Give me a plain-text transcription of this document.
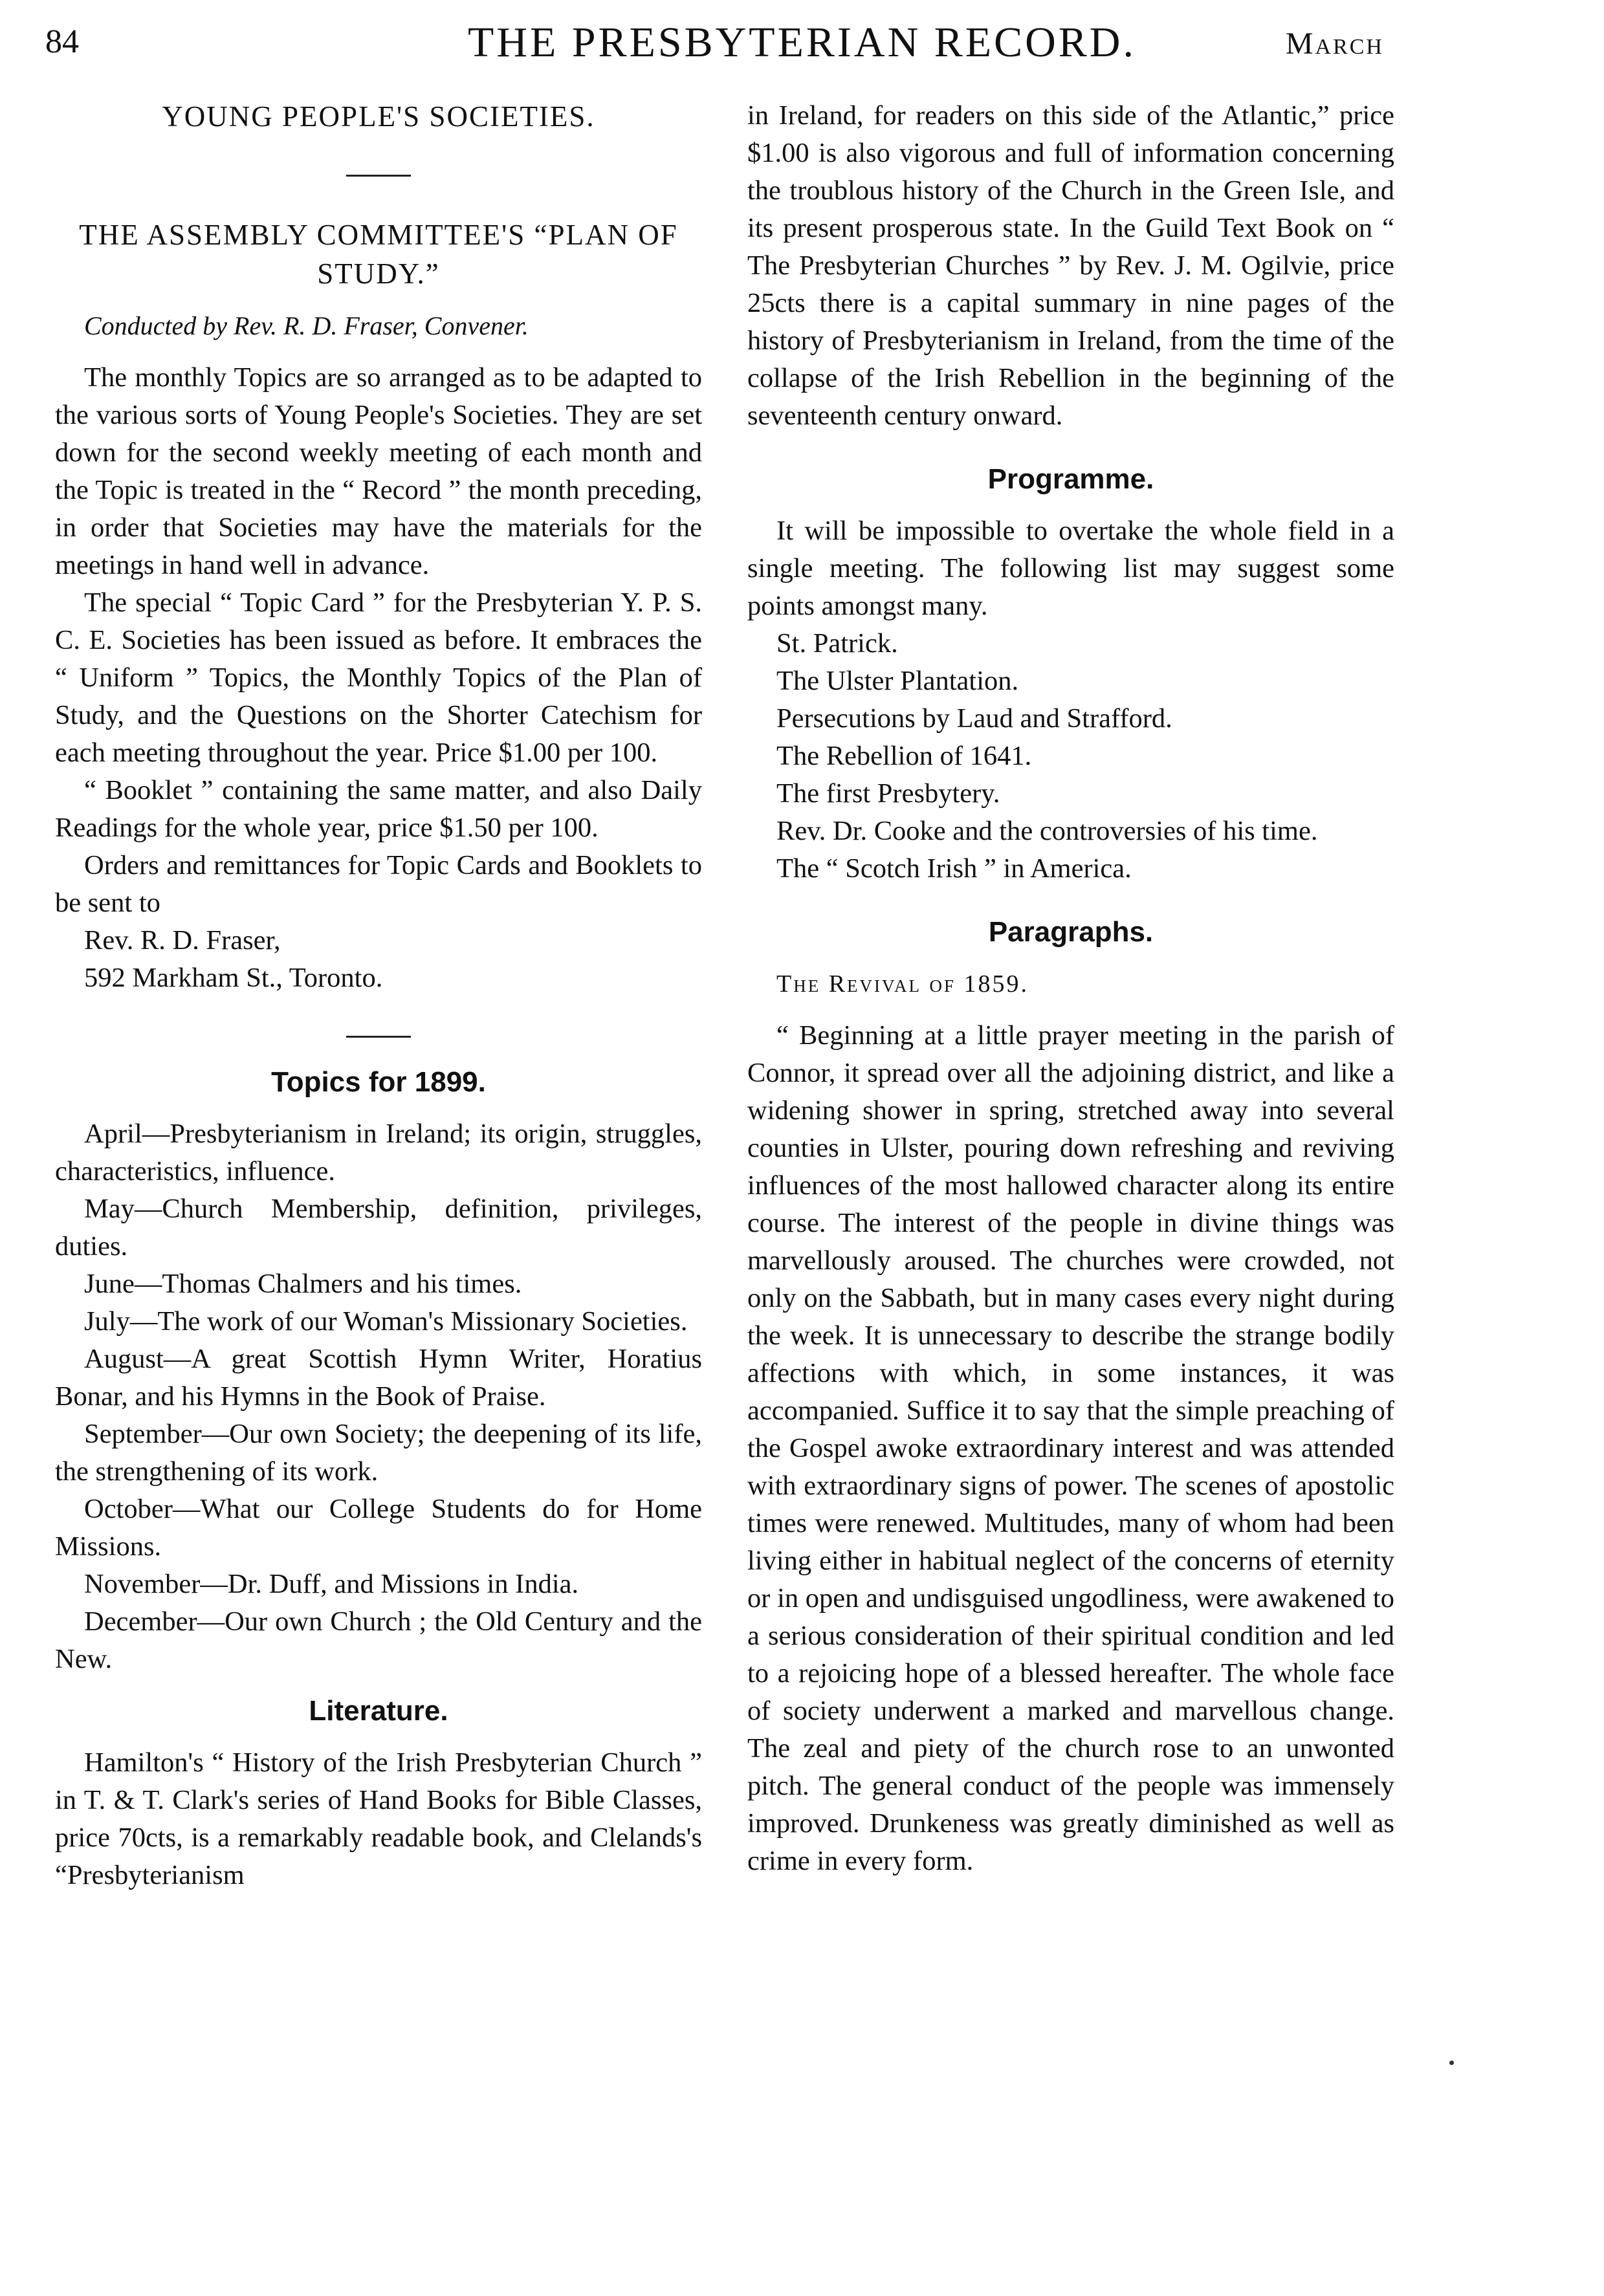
84	THE PRESBYTERIAN RECORD.	March
YOUNG PEOPLE'S SOCIETIES.
THE ASSEMBLY COMMITTEE'S “PLAN OF STUDY.”

Conducted by Rev. R. D. Fraser, Convener.

The monthly Topics are so arranged as to be adapted to the various sorts of Young People's Societies. They are set down for the second weekly meeting of each month and the Topic is treated in the “ Record ” the month preceding, in order that Societies may have the materials for the meetings in hand well in advance.

The special “ Topic Card ” for the Presbyterian Y. P. S. C. E. Societies has been issued as before. It embraces the “ Uniform ” Topics, the Monthly Topics of the Plan of Study, and the Questions on the Shorter Catechism for each meeting throughout the year. Price $1.00 per 100.

“ Booklet ” containing the same matter, and also Daily Readings for the whole year, price $1.50 per 100.

Orders and remittances for Topic Cards and Booklets to be sent to

Rev. R. D. Fraser,

592 Markham St., Toronto.

Topics for 1899.

April—Presbyterianism in Ireland; its origin, struggles, characteristics, influence.

May—Church Membership, definition, privileges, duties.

June—Thomas Chalmers and his times.

July—The work of our Woman's Missionary Societies.

August—A great Scottish Hymn Writer, Horatius Bonar, and his Hymns in the Book of Praise.

September—Our own Society; the deepening of its life, the strengthening of its work.

October—What our College Students do for Home Missions.

November—Dr. Duff, and Missions in India.

December—Our own Church ; the Old Century and the New.

Literature.

Hamilton's “ History of the Irish Presbyterian Church ” in T. & T. Clark's series of Hand Books for Bible Classes, price 70cts, is a remarkably readable book, and Clelands's “Presbyterianism

in Ireland, for readers on this side of the Atlantic,” price $1.00 is also vigorous and full of information concerning the troublous history of the Church in the Green Isle, and its present prosperous state. In the Guild Text Book on “ The Presbyterian Churches ” by Rev. J. M. Ogilvie, price 25cts there is a capital summary in nine pages of the history of Presbyterianism in Ireland, from the time of the collapse of the Irish Rebellion in the beginning of the seventeenth century onward.

Programme.

It will be impossible to overtake the whole field in a single meeting. The following list may suggest some points amongst many.

St. Patrick.

The Ulster Plantation.

Persecutions by Laud and Strafford.

The Rebellion of 1641.

The first Presbytery.

Rev. Dr. Cooke and the controversies of his time.

The “ Scotch Irish ” in America.

Paragraphs.

The Revival of 1859.

“ Beginning at a little prayer meeting in the parish of Connor, it spread over all the adjoining district, and like a widening shower in spring, stretched away into several counties in Ulster, pouring down refreshing and reviving influences of the most hallowed character along its entire course. The interest of the people in divine things was marvellously aroused. The churches were crowded, not only on the Sabbath, but in many cases every night during the week. It is unnecessary to describe the strange bodily affections with which, in some instances, it was accompanied. Suffice it to say that the simple preaching of the Gospel awoke extraordinary interest and was attended with extraordinary signs of power. The scenes of apostolic times were renewed. Multitudes, many of whom had been living either in habitual neglect of the concerns of eternity or in open and undisguised ungodliness, were awakened to a serious consideration of their spiritual condition and led to a rejoicing hope of a blessed hereafter. The whole face of society underwent a marked and marvellous change. The zeal and piety of the church rose to an unwonted pitch. The general conduct of the people was immensely improved. Drunkeness was greatly diminished as well as crime in every form.
